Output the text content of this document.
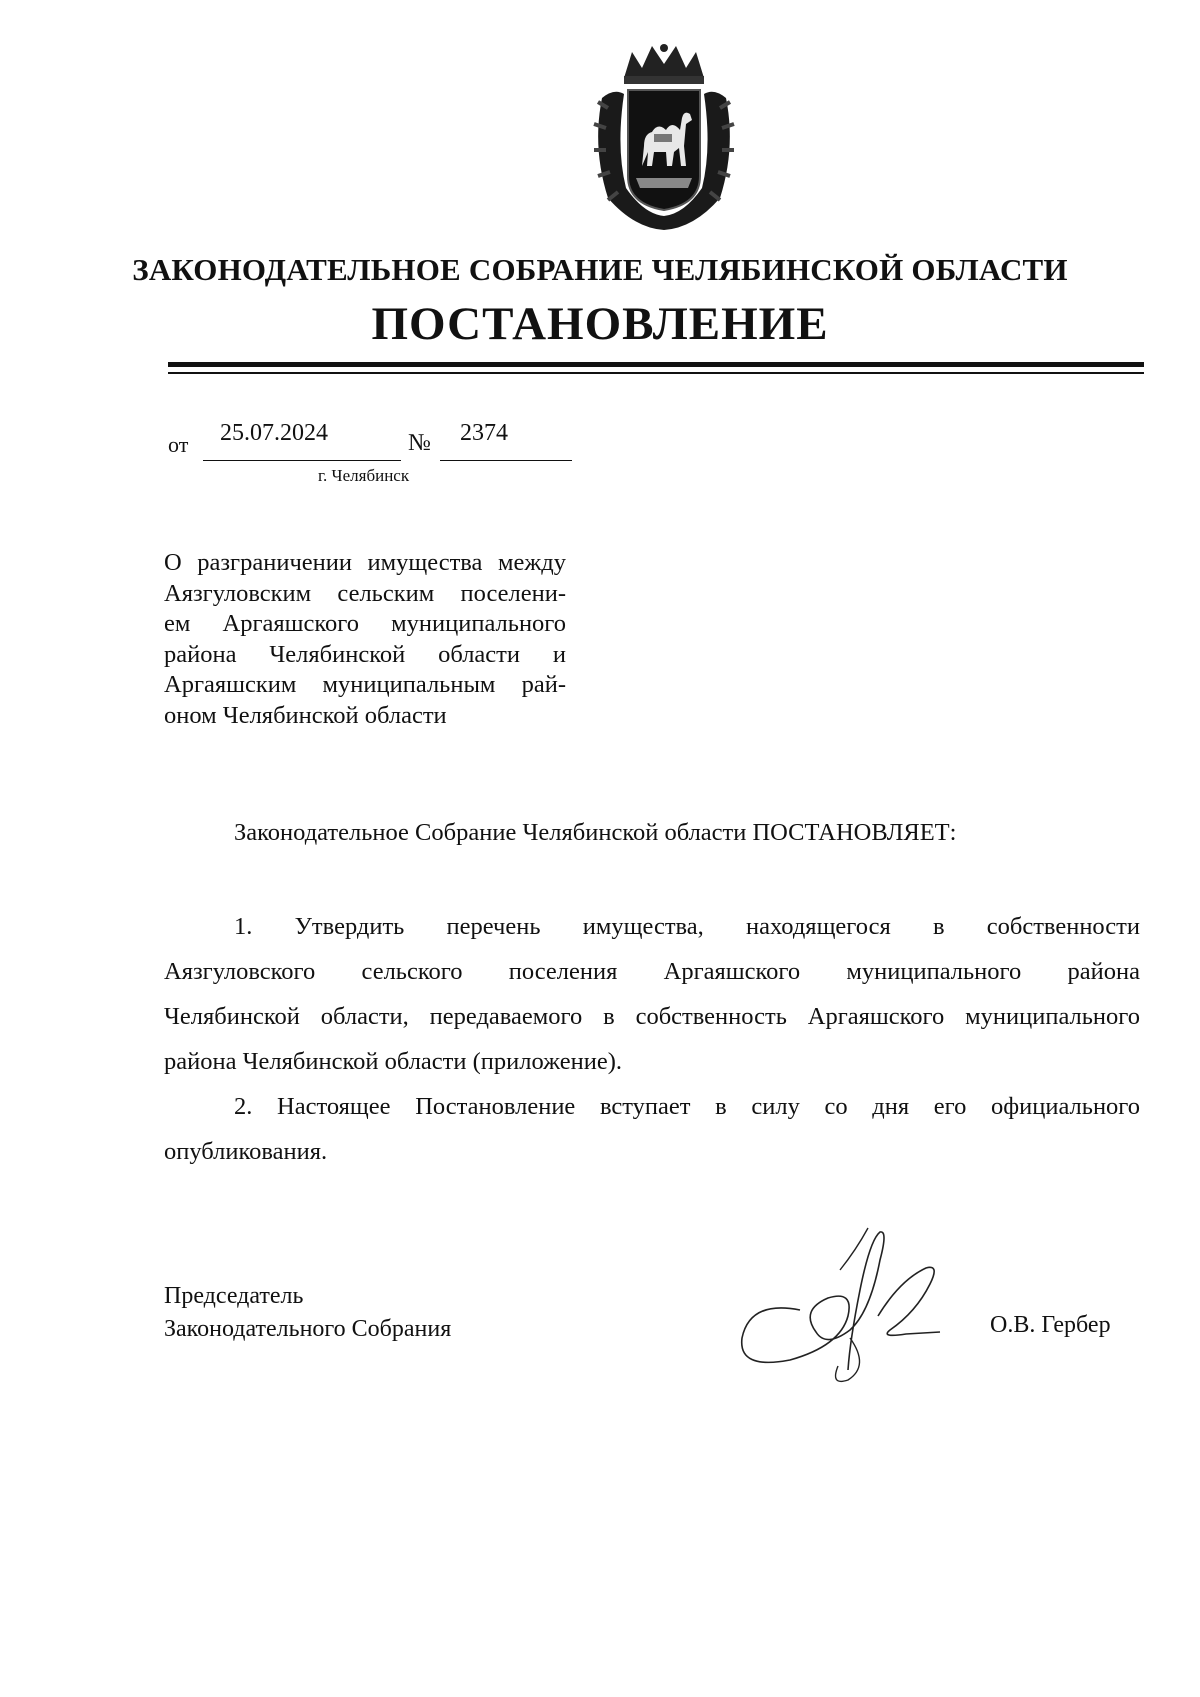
ЗАКОНОДАТЕЛЬНОЕ СОБРАНИЕ ЧЕЛЯБИНСКОЙ ОБЛАСТИ
ПОСТАНОВЛЕНИЕ
от 25.07.2024	№ 2374
г. Челябинск
О разграничении имущества между
Аязгуловским сельским поселени-
ем Аргаяшского муниципального
района Челябинской области и
Аргаяшским муниципальным рай-
оном Челябинской области
Законодательное Собрание Челябинской области ПОСТАНОВЛЯЕТ:
1. Утвердить перечень имущества, находящегося в собственности
Аязгуловского сельского поселения Аргаяшского муниципального района
Челябинской области, передаваемого в собственность Аргаяшского муниципального
района Челябинской области (приложение).
2. Настоящее Постановление вступает в силу со дня его официального
опубликования.
Председатель
Законодательного Собрания	О.В. Гербер
